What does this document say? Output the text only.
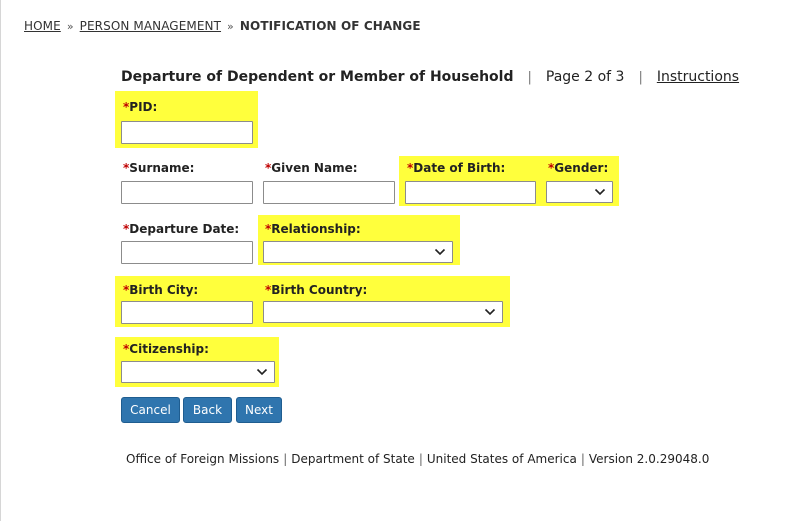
HOME » PERSON MANAGEMENT » NOTIFICATION OF CHANGE
Departure of Dependent or Member of Household | Page 2 of 3 | Instructions
*PID:
*Surname:	*Given Name:	*Date of Birth:	*Gender:
*Departure Date: *Relationship:
*Birth City:	*Birth Country:
*Citizenship:
Cancel	Back	Next
Office of Foreign Missions | Department of State | United States of America | Version 2.0.29048.0
